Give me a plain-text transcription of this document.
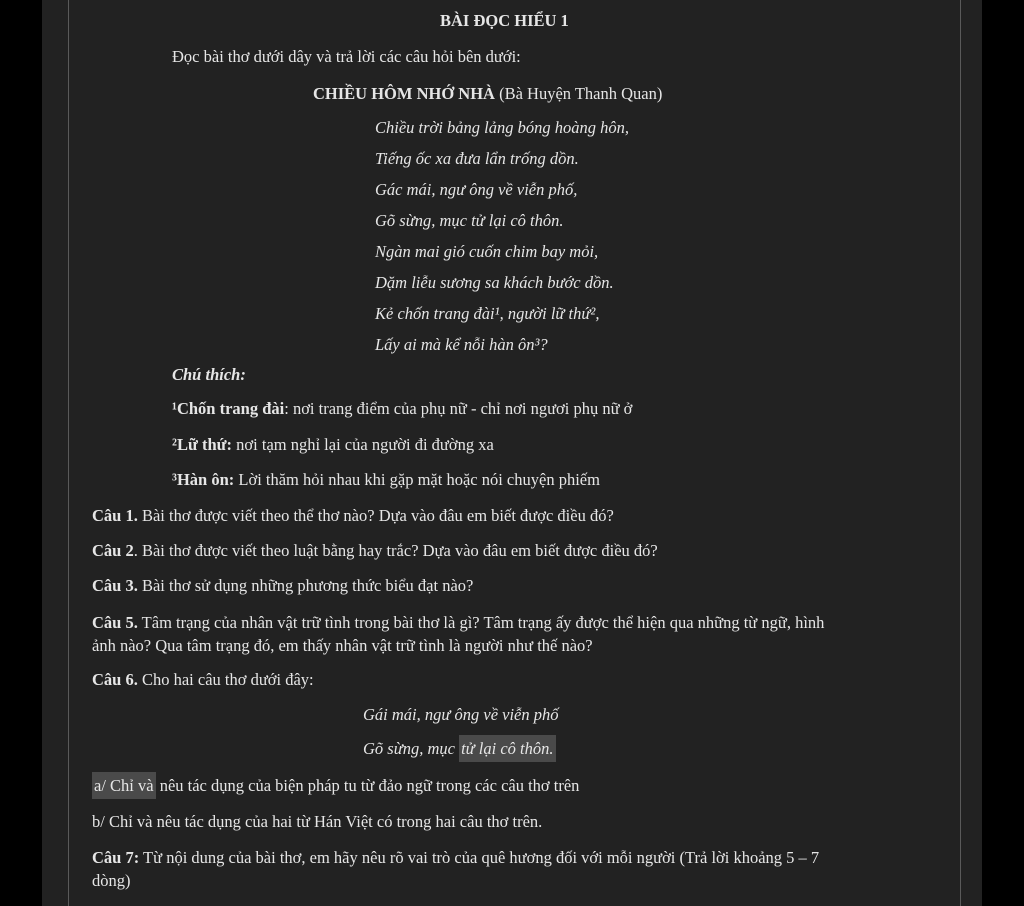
BÀI ĐỌC HIỂU 1
Đọc bài thơ dưới dây và trả lời các câu hỏi bên dưới:
CHIỀU HÔM NHỚ NHÀ (Bà Huyện Thanh Quan)
Chiều trời bảng lảng bóng hoàng hôn,
Tiếng ốc xa đưa lẩn trống dồn.
Gác mái, ngư ông về viễn phố,
Gõ sừng, mục tử lại cô thôn.
Ngàn mai gió cuốn chim bay mỏi,
Dặm liễu sương sa khách bước dồn.
Kẻ chốn trang đài¹, người lữ thứ²,
Lấy ai mà kể nỗi hàn ôn³?
Chú thích:
¹Chốn trang đài: nơi trang điểm của phụ nữ - chỉ nơi ngươi phụ nữ ở
²Lữ thứ: nơi tạm nghỉ lại của người đi đường xa
³Hàn ôn: Lời thăm hỏi nhau khi gặp mặt hoặc nói chuyện phiếm
Câu 1. Bài thơ được viết theo thể thơ nào? Dựa vào đâu em biết được điều đó?
Câu 2. Bài thơ được viết theo luật bằng hay trắc? Dựa vào đâu em biết được điều đó?
Câu 3. Bài thơ sử dụng những phương thức biểu đạt nào?
Câu 5. Tâm trạng của nhân vật trữ tình trong bài thơ là gì? Tâm trạng ấy được thể hiện qua những từ ngữ, hình
ảnh nào? Qua tâm trạng đó, em thấy nhân vật trữ tình là người như thế nào?
Câu 6. Cho hai câu thơ dưới đây:
Gái mái, ngư ông về viễn phố
Gõ sừng, mục tử lại cô thôn.
a/ Chỉ và nêu tác dụng của biện pháp tu từ đảo ngữ trong các câu thơ trên
b/ Chỉ và nêu tác dụng của hai từ Hán Việt có trong hai câu thơ trên.
Câu 7: Từ nội dung của bài thơ, em hãy nêu rõ vai trò của quê hương đối với mỗi người (Trả lời khoảng 5 – 7
dòng)
